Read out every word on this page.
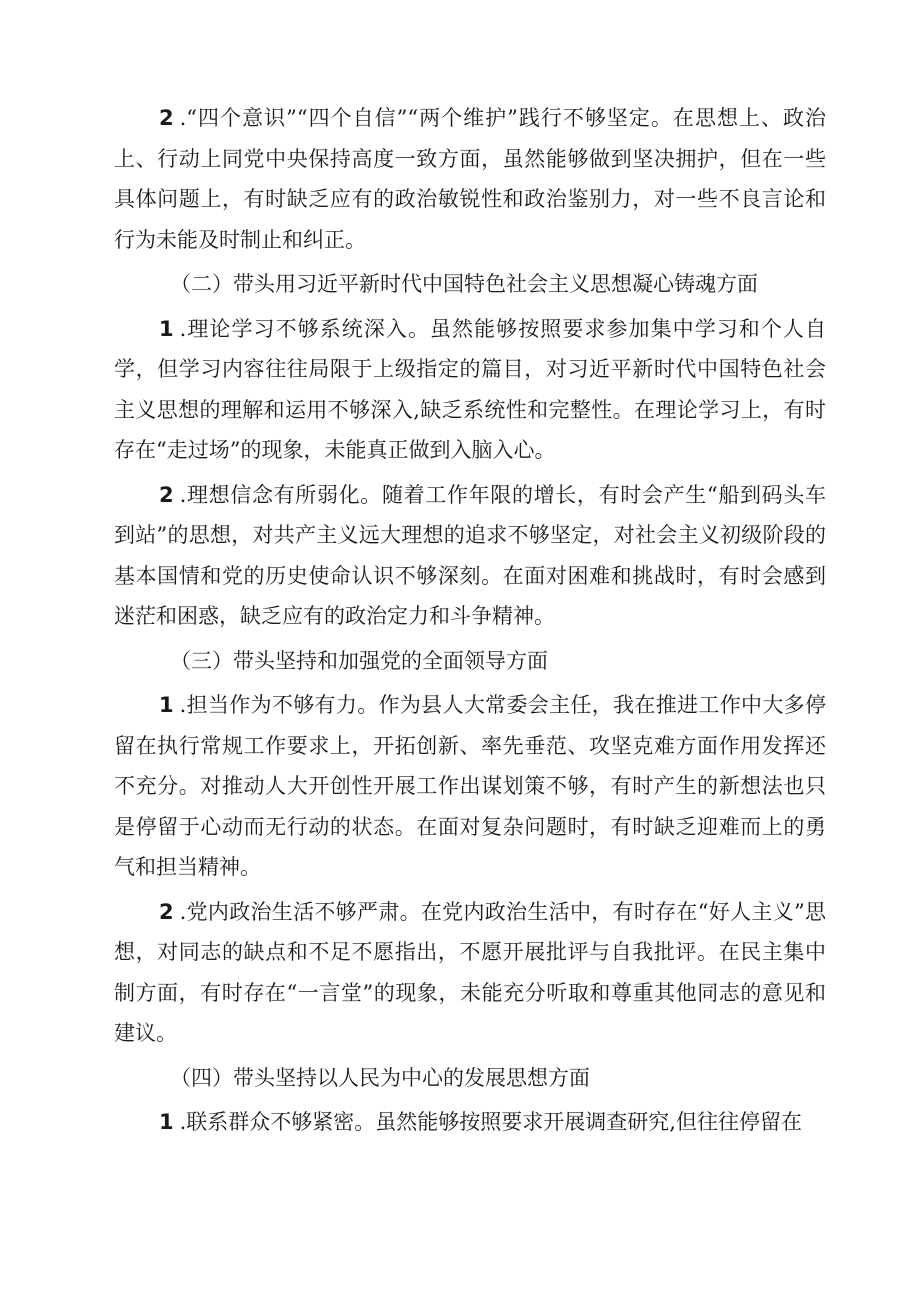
2 .“四个意识”“四个自信”“两个维护”践行不够坚定。在思想上、政治上、行动上同党中央保持高度一致方面，虽然能够做到坚决拥护，但在一些具体问题上，有时缺乏应有的政治敏锐性和政治鉴别力，对一些不良言论和行为未能及时制止和纠正。

（二）带头用习近平新时代中国特色社会主义思想凝心铸魂方面

1 .理论学习不够系统深入。虽然能够按照要求参加集中学习和个人自学，但学习内容往往局限于上级指定的篇目，对习近平新时代中国特色社会主义思想的理解和运用不够深入,缺乏系统性和完整性。在理论学习上，有时存在“走过场”的现象，未能真正做到入脑入心。

2 .理想信念有所弱化。随着工作年限的增长，有时会产生“船到码头车到站”的思想，对共产主义远大理想的追求不够坚定，对社会主义初级阶段的基本国情和党的历史使命认识不够深刻。在面对困难和挑战时，有时会感到迷茫和困惑，缺乏应有的政治定力和斗争精神。

（三）带头坚持和加强党的全面领导方面

1 .担当作为不够有力。作为县人大常委会主任，我在推进工作中大多停留在执行常规工作要求上，开拓创新、率先垂范、攻坚克难方面作用发挥还不充分。对推动人大开创性开展工作出谋划策不够，有时产生的新想法也只是停留于心动而无行动的状态。在面对复杂问题时，有时缺乏迎难而上的勇气和担当精神。

2 .党内政治生活不够严肃。在党内政治生活中，有时存在“好人主义”思想，对同志的缺点和不足不愿指出，不愿开展批评与自我批评。在民主集中制方面，有时存在“一言堂”的现象，未能充分听取和尊重其他同志的意见和建议。

（四）带头坚持以人民为中心的发展思想方面

1 .联系群众不够紧密。虽然能够按照要求开展调查研究,但往往停留在
